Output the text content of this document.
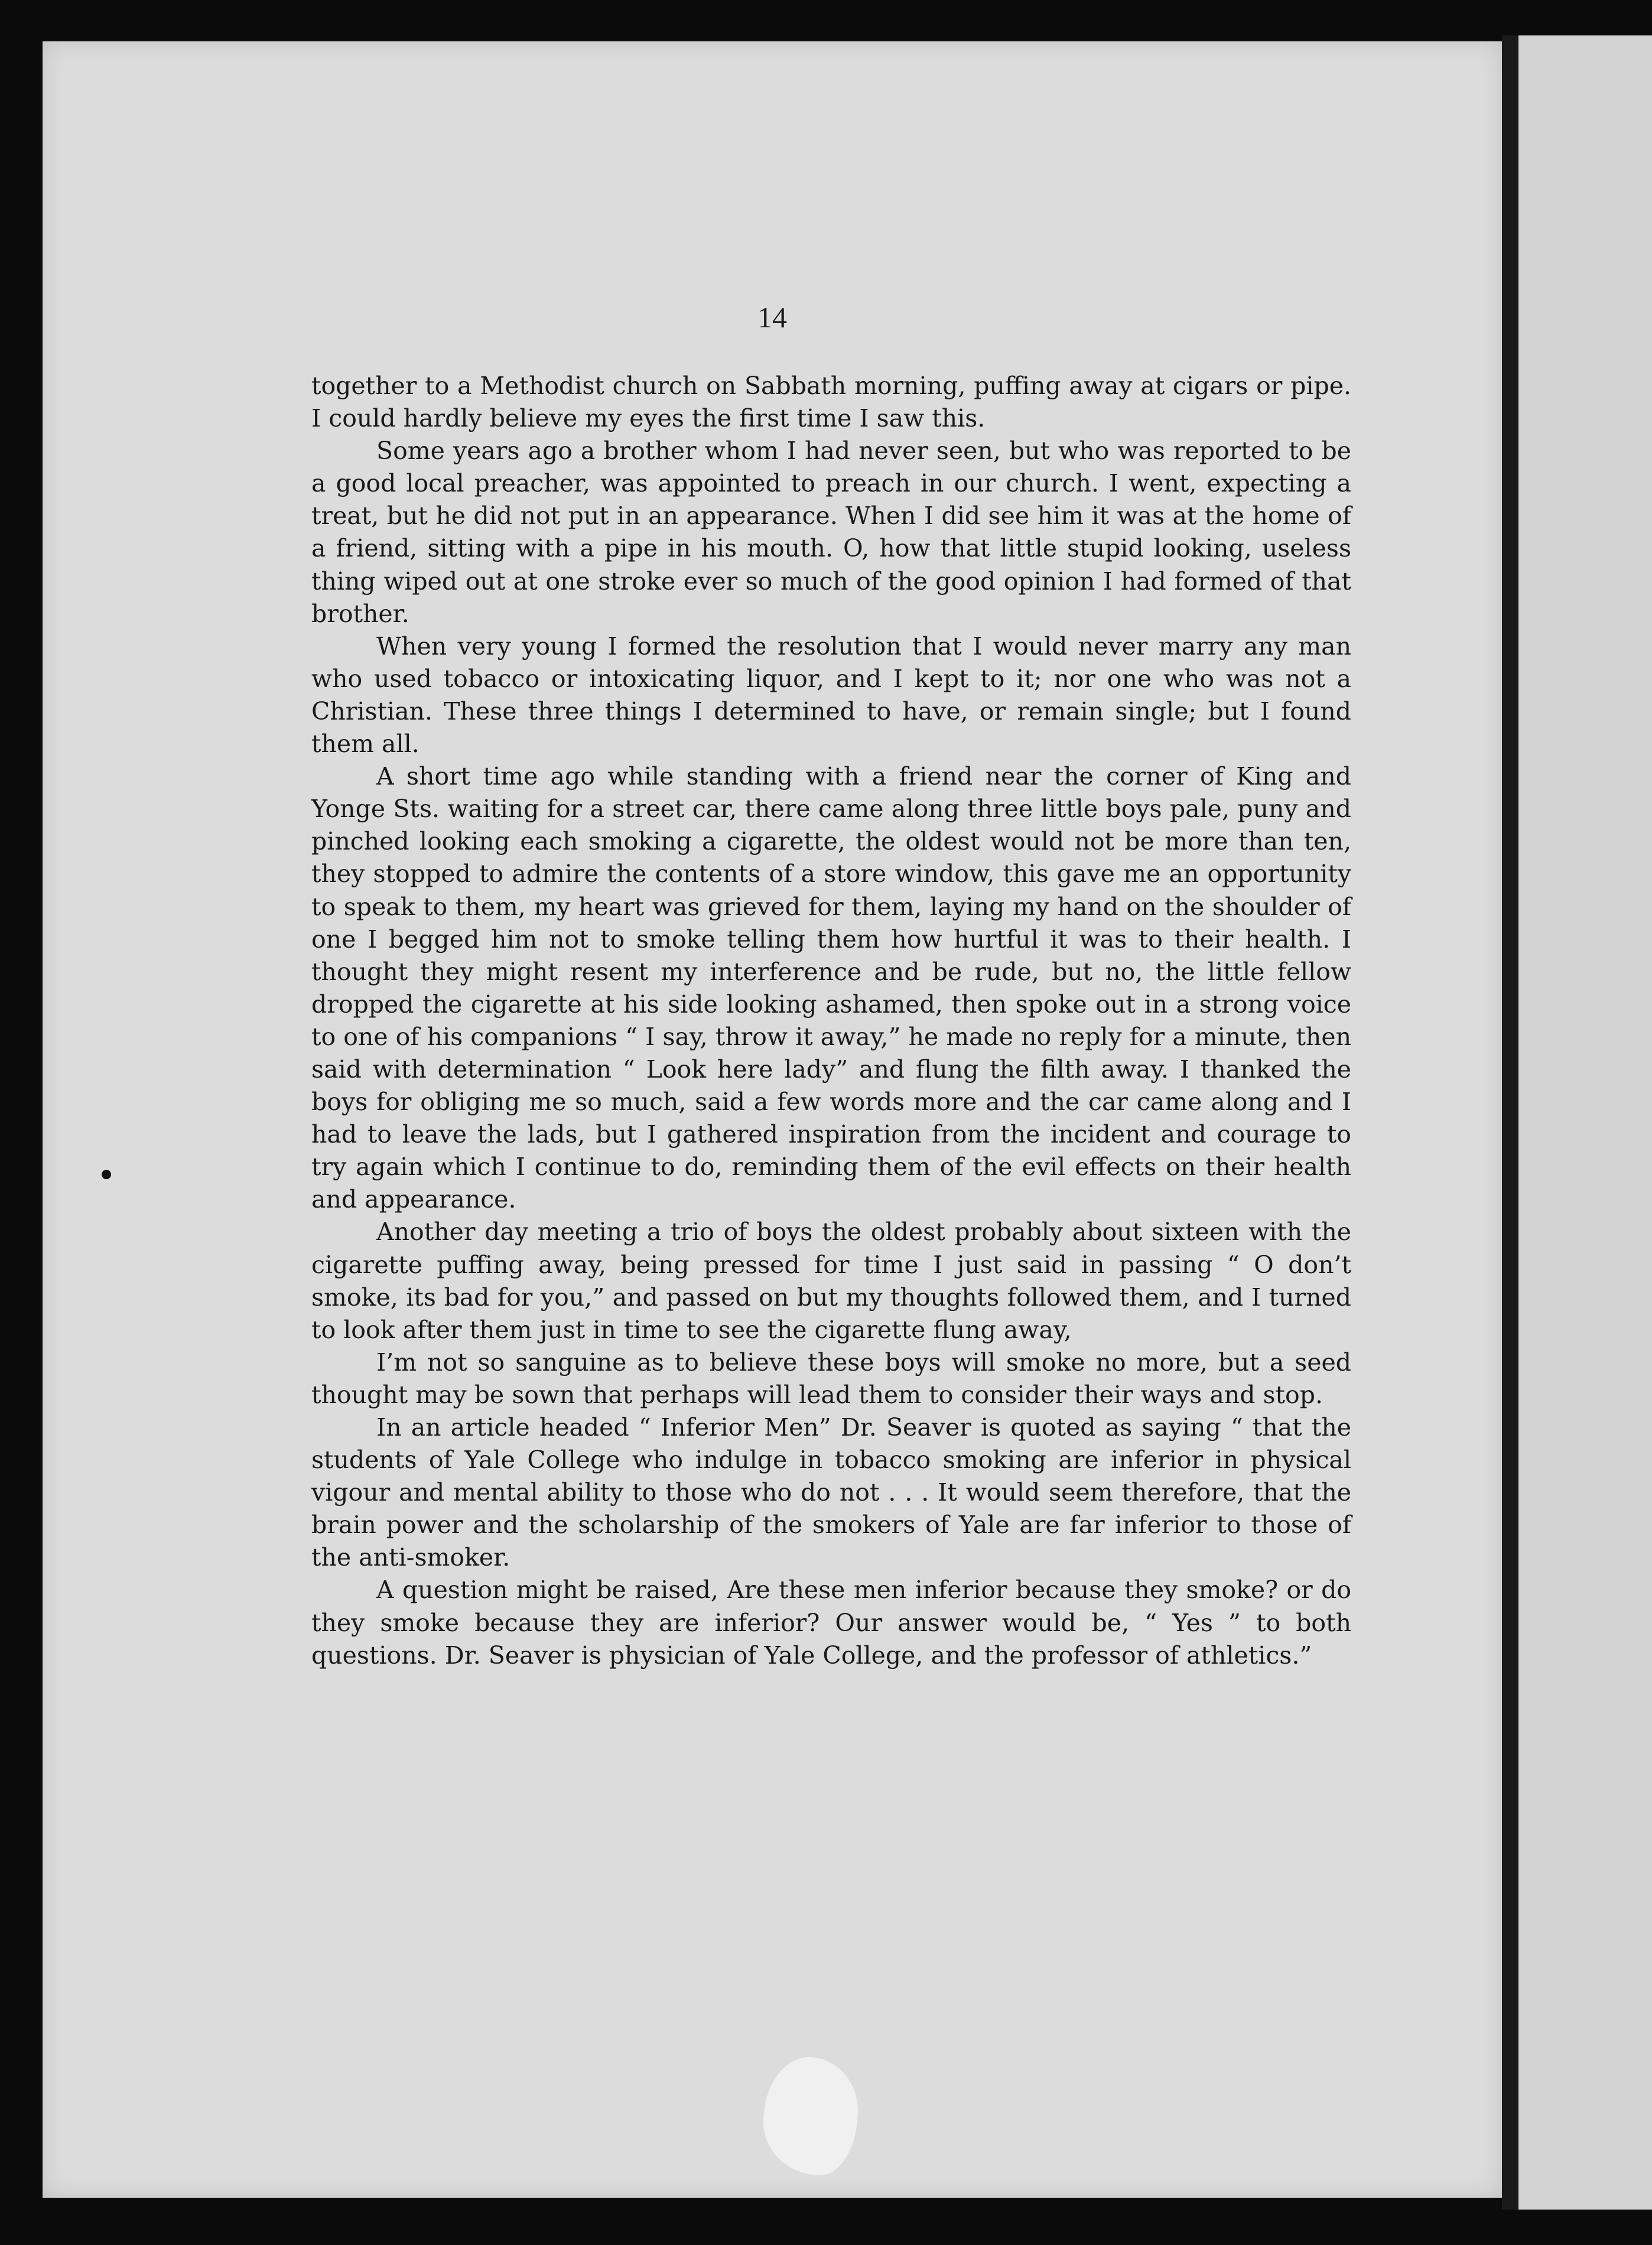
14

together to a Methodist church on Sabbath morning, puffing away at cigars or pipe. I could hardly believe my eyes the first time I saw this.

Some years ago a brother whom I had never seen, but who was reported to be a good local preacher, was appointed to preach in our church. I went, expecting a treat, but he did not put in an appearance. When I did see him it was at the home of a friend, sitting with a pipe in his mouth. O, how that little stupid looking, useless thing wiped out at one stroke ever so much of the good opinion I had formed of that brother.

When very young I formed the resolution that I would never marry any man who used tobacco or intoxicating liquor, and I kept to it; nor one who was not a Christian. These three things I determined to have, or remain single; but I found them all.

A short time ago while standing with a friend near the corner of King and Yonge Sts. waiting for a street car, there came along three little boys pale, puny and pinched looking each smoking a cigarette, the oldest would not be more than ten, they stopped to admire the contents of a store window, this gave me an opportunity to speak to them, my heart was grieved for them, laying my hand on the shoulder of one I begged him not to smoke telling them how hurtful it was to their health. I thought they might resent my interference and be rude, but no, the little fellow dropped the cigarette at his side looking ashamed, then spoke out in a strong voice to one of his companions “ I say, throw it away,” he made no reply for a minute, then said with determination “ Look here lady” and flung the filth away. I thanked the boys for obliging me so much, said a few words more and the car came along and I had to leave the lads, but I gathered inspiration from the incident and courage to try again which I continue to do, reminding them of the evil effects on their health and appearance.

Another day meeting a trio of boys the oldest probably about sixteen with the cigarette puffing away, being pressed for time I just said in passing “ O don’t smoke, its bad for you,” and passed on but my thoughts followed them, and I turned to look after them just in time to see the cigarette flung away,

I’m not so sanguine as to believe these boys will smoke no more, but a seed thought may be sown that perhaps will lead them to consider their ways and stop.

In an article headed “ Inferior Men” Dr. Seaver is quoted as saying “ that the students of Yale College who indulge in tobacco smoking are inferior in physical vigour and mental ability to those who do not . . . It would seem therefore, that the brain power and the scholarship of the smokers of Yale are far inferior to those of the anti-smoker.

A question might be raised, Are these men inferior because they smoke? or do they smoke because they are inferior? Our answer would be, “ Yes ” to both questions. Dr. Seaver is physician of Yale College, and the professor of athletics.”
